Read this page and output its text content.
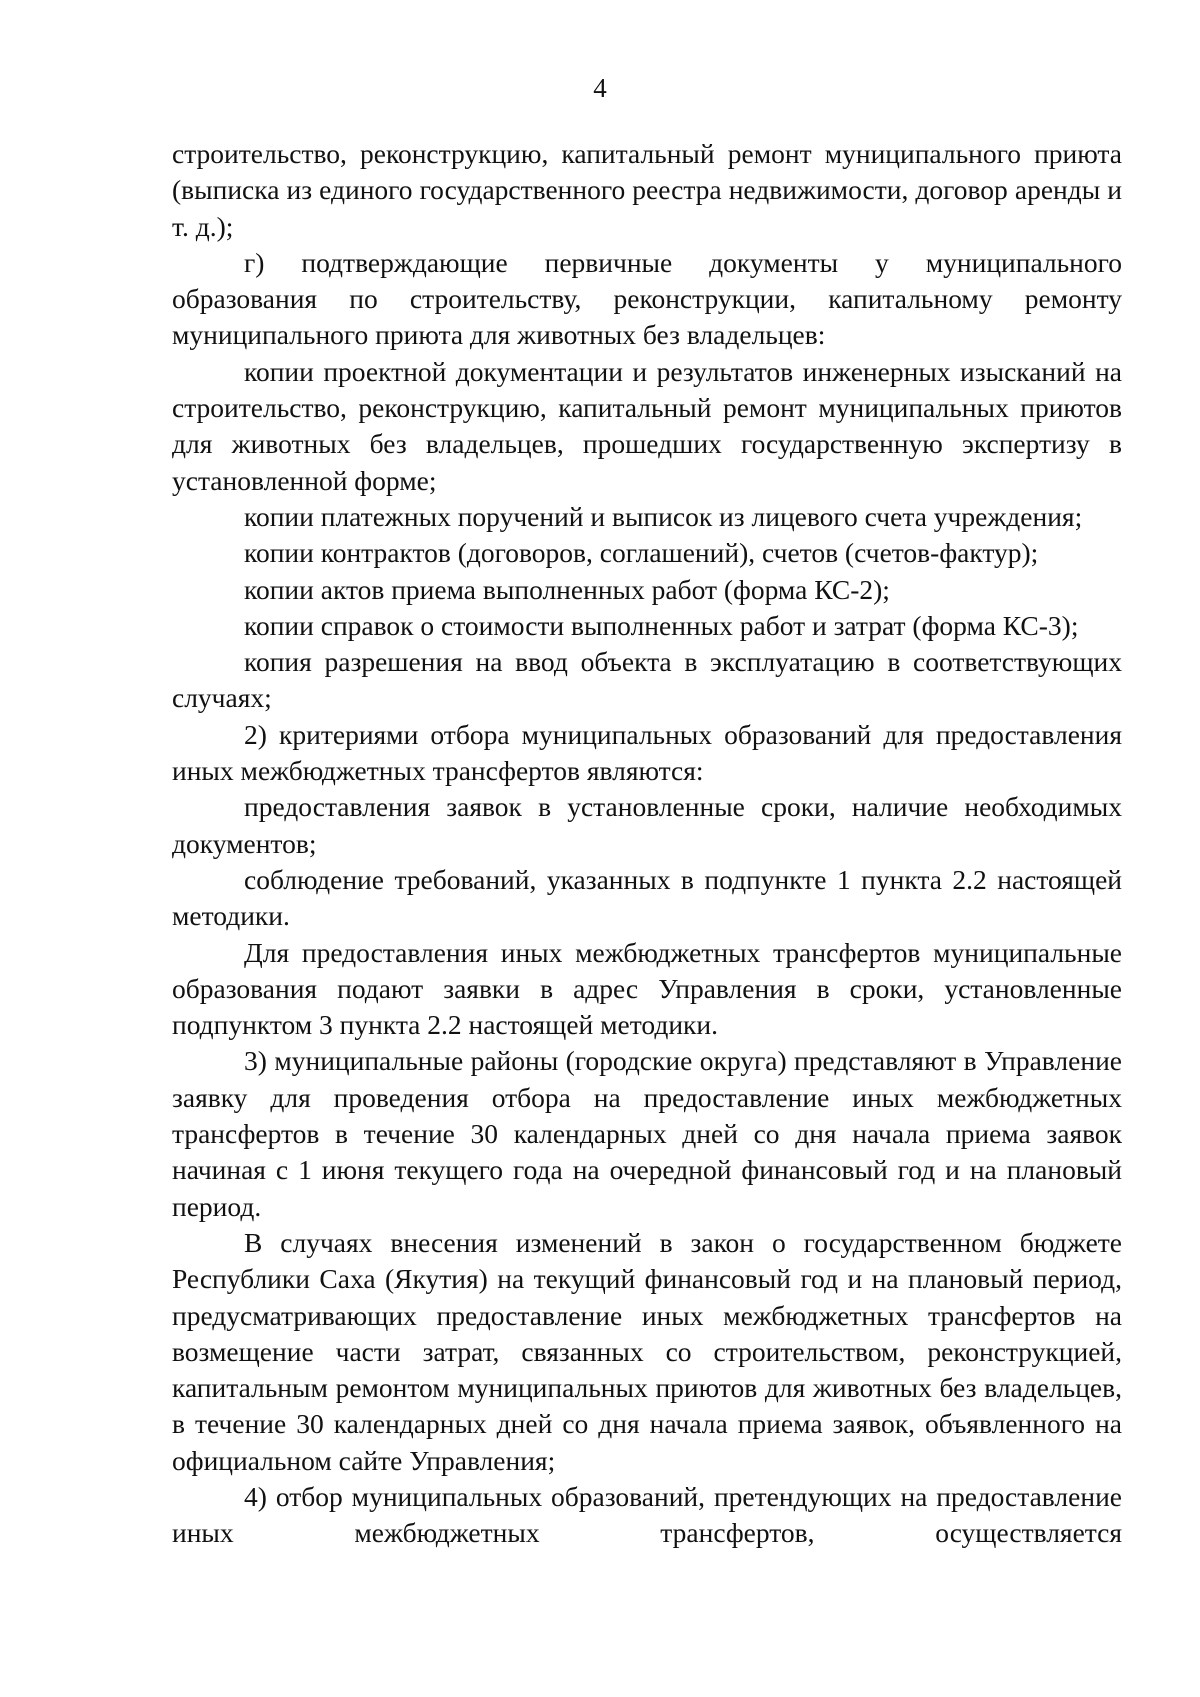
4

строительство, реконструкцию, капитальный ремонт муниципального приюта (выписка из единого государственного реестра недвижимости, договор аренды и т. д.);

г) подтверждающие первичные документы у муниципального образования по строительству, реконструкции, капитальному ремонту муниципального приюта для животных без владельцев:

копии проектной документации и результатов инженерных изысканий на строительство, реконструкцию, капитальный ремонт муниципальных приютов для животных без владельцев, прошедших государственную экспертизу в установленной форме;

копии платежных поручений и выписок из лицевого счета учреждения;

копии контрактов (договоров, соглашений), счетов (счетов-фактур);

копии актов приема выполненных работ (форма КС-2);

копии справок о стоимости выполненных работ и затрат (форма КС-3);

копия разрешения на ввод объекта в эксплуатацию в соответствующих случаях;

2) критериями отбора муниципальных образований для предоставления иных межбюджетных трансфертов являются:

предоставления заявок в установленные сроки, наличие необходимых документов;

соблюдение требований, указанных в подпункте 1 пункта 2.2 настоящей методики.

Для предоставления иных межбюджетных трансфертов муниципальные образования подают заявки в адрес Управления в сроки, установленные подпунктом 3 пункта 2.2 настоящей методики.

3) муниципальные районы (городские округа) представляют в Управление заявку для проведения отбора на предоставление иных межбюджетных трансфертов в течение 30 календарных дней со дня начала приема заявок начиная с 1 июня текущего года на очередной финансовый год и на плановый период.

В случаях внесения изменений в закон о государственном бюджете Республики Саха (Якутия) на текущий финансовый год и на плановый период, предусматривающих предоставление иных межбюджетных трансфертов на возмещение части затрат, связанных со строительством, реконструкцией, капитальным ремонтом муниципальных приютов для животных без владельцев, в течение 30 календарных дней со дня начала приема заявок, объявленного на официальном сайте Управления;

4) отбор муниципальных образований, претендующих на предоставление иных межбюджетных трансфертов, осуществляется
